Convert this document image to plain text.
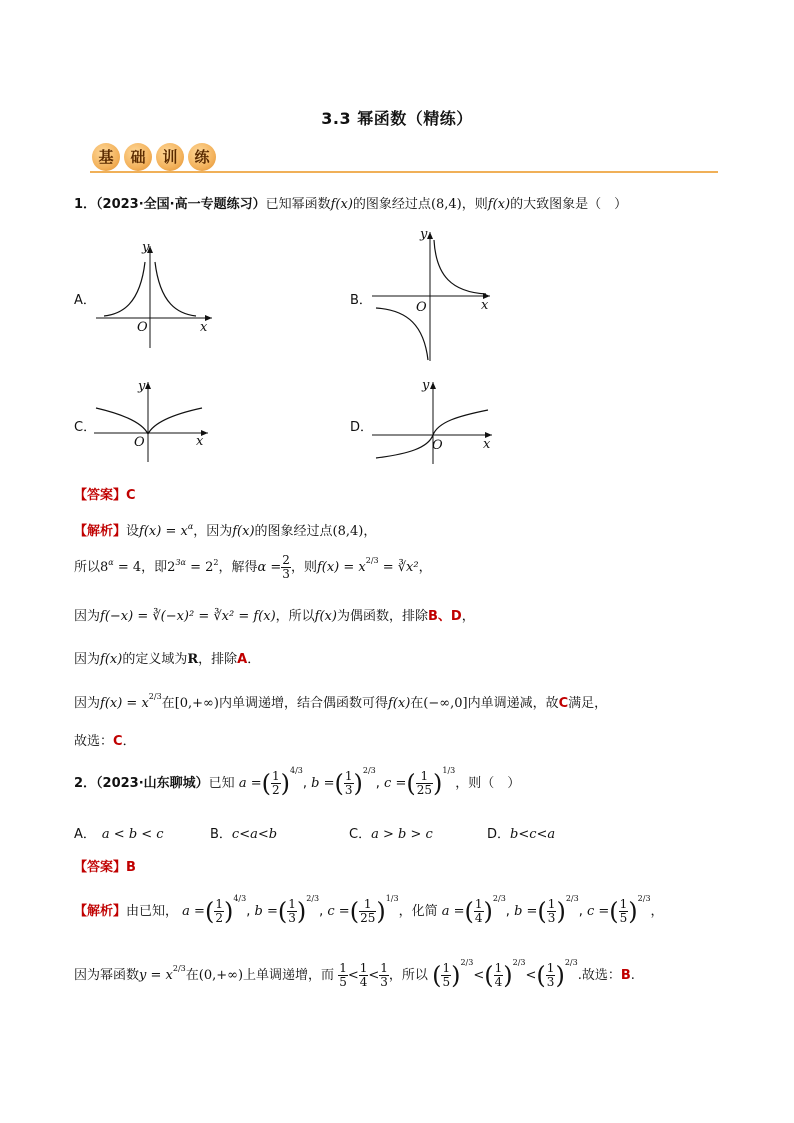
3.3 幂函数（精练）
基	础	训	练
1．（2023·全国·高一专题练习）已知幂函数f(x)的图象经过点(8,4)，则f(x)的大致图象是（　）
A．
y
x
O
B．
y
x
O
C．
y
x
O
D．
y
x
O
【答案】C
【解析】设$f(x) = x^\alpha$，因为f(x)的图象经过点(8,4)，
所以$8^\alpha = 4$，即$2^{3\alpha} = 2^2$，解得$\alpha = \frac{2}{3}$ ，则$f(x) = x^{2/3}$ = ∛x²，
因为f(−x) = ∛(−x)² = ∛x² = f(x)，所以f(x)为偶函数，排除B、D，
因为f(x)的定义域为R，排除A．
因为$f(x) = x^{2/3}$在[0,+∞)内单调递增，结合偶函数可得f(x)在(−∞,0]内单调递减，故C满足，
故选：C．
2．（2023·山东聊城）已知 a =( $\frac{1}{2} )^{4/3}$, b =( $\frac{1}{3} )^{2/3}$, c =( $\frac{1}{25} )^{1/3}$，则（　）
A． a < b < c	B．c<a<b	C．a > b > c	D．b<c<a
【答案】B
【解析】由已知， a =( $\frac{1}{2} )^{4/3}$, b =( $\frac{1}{3} )^{2/3}$, c =( $\frac{1}{25} )^{1/3}$，化简 a =( $\frac{1}{4} )^{2/3}$, b =( $\frac{1}{3} )^{2/3}$, c =( $\frac{1}{5} )^{2/3}$，
因为幂函数$y = x^{2/3}$在(0,+∞)上单调递增，而 $\frac{1}{5} < \frac{1}{4} < \frac{1}{3}$ ，所以 ( $\frac{1}{5} )^{2/3}<( \frac{1}{4} )^{2/3}<( \frac{1}{3} )^{2/3}$.故选：B.
